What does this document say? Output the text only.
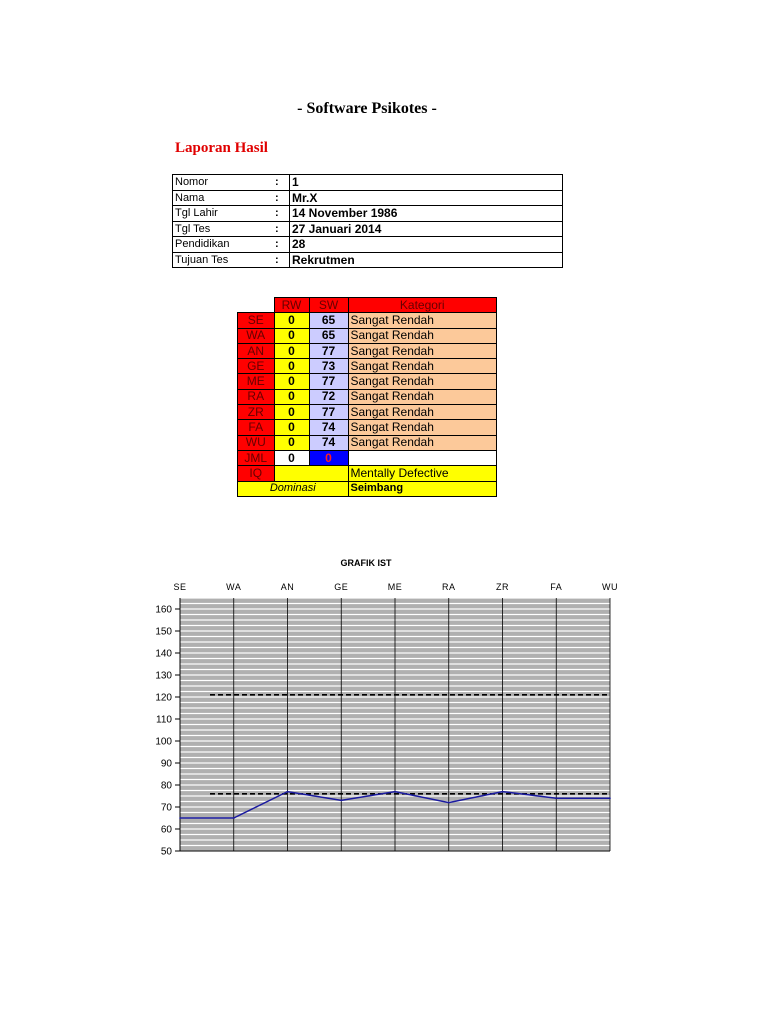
- Software Psikotes -
Laporan Hasil
Nomor	:	1
Nama	:	Mr.X
Tgl Lahir	:	14 November 1986
Tgl Tes	:	27 Januari 2014
Pendidikan	:	28
Tujuan Tes	:	Rekrutmen
	RW	SW	Kategori
SE	0	65	Sangat Rendah
WA	0	65	Sangat Rendah
AN	0	77	Sangat Rendah
GE	0	73	Sangat Rendah
ME	0	77	Sangat Rendah
RA	0	72	Sangat Rendah
ZR	0	77	Sangat Rendah
FA	0	74	Sangat Rendah
WU	0	74	Sangat Rendah
JML	0	0	
IQ			Mentally Defective
Dominasi			Seimbang
GRAFIK IST
50
60
70
80
90
100
110
120
130
140
150
160
SE	WA	AN	GE	ME	RA	ZR	FA	WU
